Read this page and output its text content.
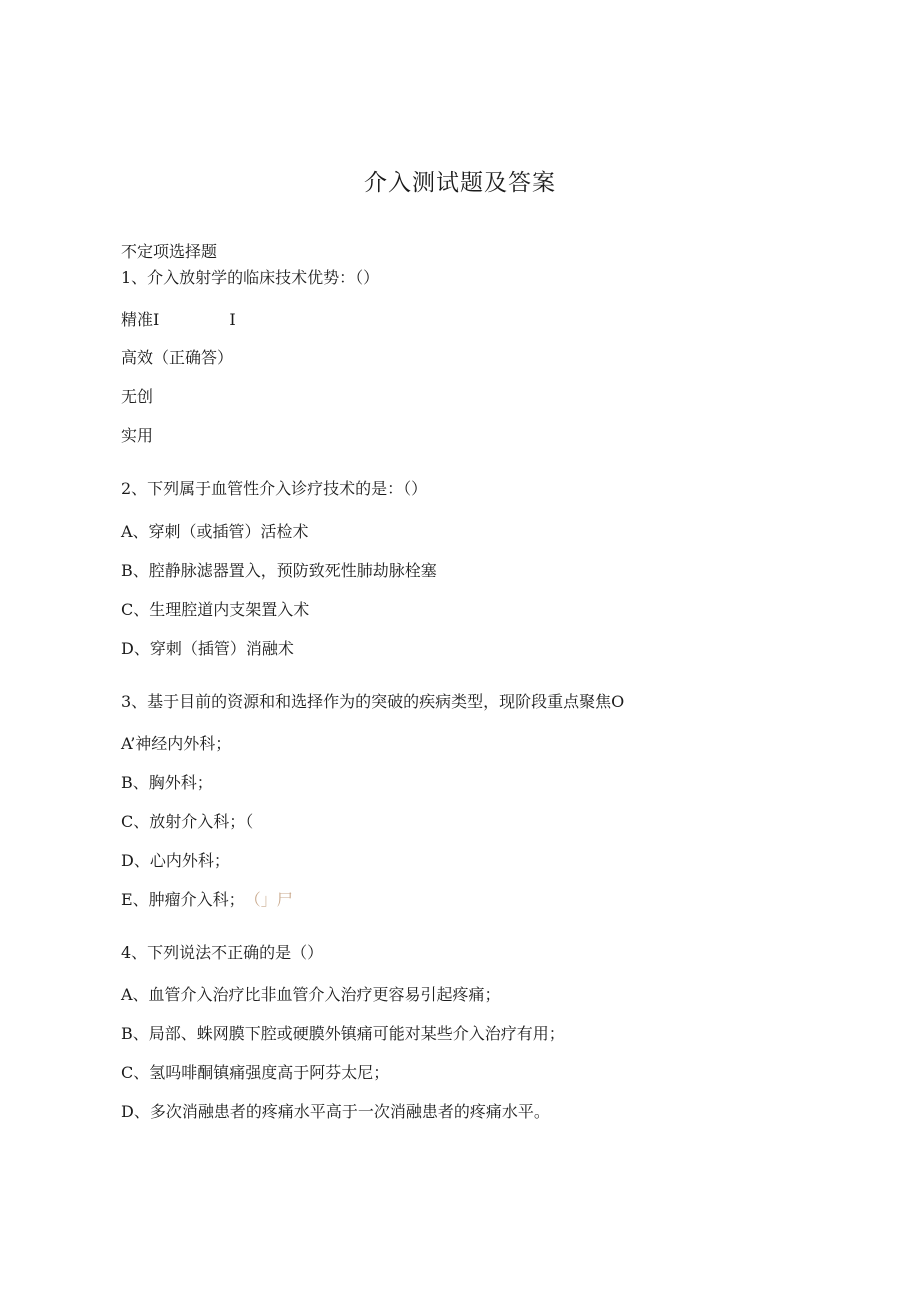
介入测试题及答案
不定项选择题
1、介入放射学的临床技术优势：（）
精准I	I
高效（正确答）
无创
实用
2、下列属于血管性介入诊疗技术的是：（）
A、穿刺（或插管）活检术
B、腔静脉滤器置入，预防致死性肺劫脉栓塞
C、生理腔道内支架置入术
D、穿刺（插管）消融术
3、基于目前的资源和和选择作为的突破的疾病类型，现阶段重点聚焦O
A’神经内外科；
B、胸外科；
C、放射介入科；（
D、心内外科；
E、肿瘤介入科； （」尸
4、下列说法不正确的是（）
A、血管介入治疗比非血管介入治疗更容易引起疼痛；
B、局部、蛛网膜下腔或硬膜外镇痛可能对某些介入治疗有用；
C、氢吗啡酮镇痛强度高于阿芬太尼；
D、多次消融患者的疼痛水平高于一次消融患者的疼痛水平。
